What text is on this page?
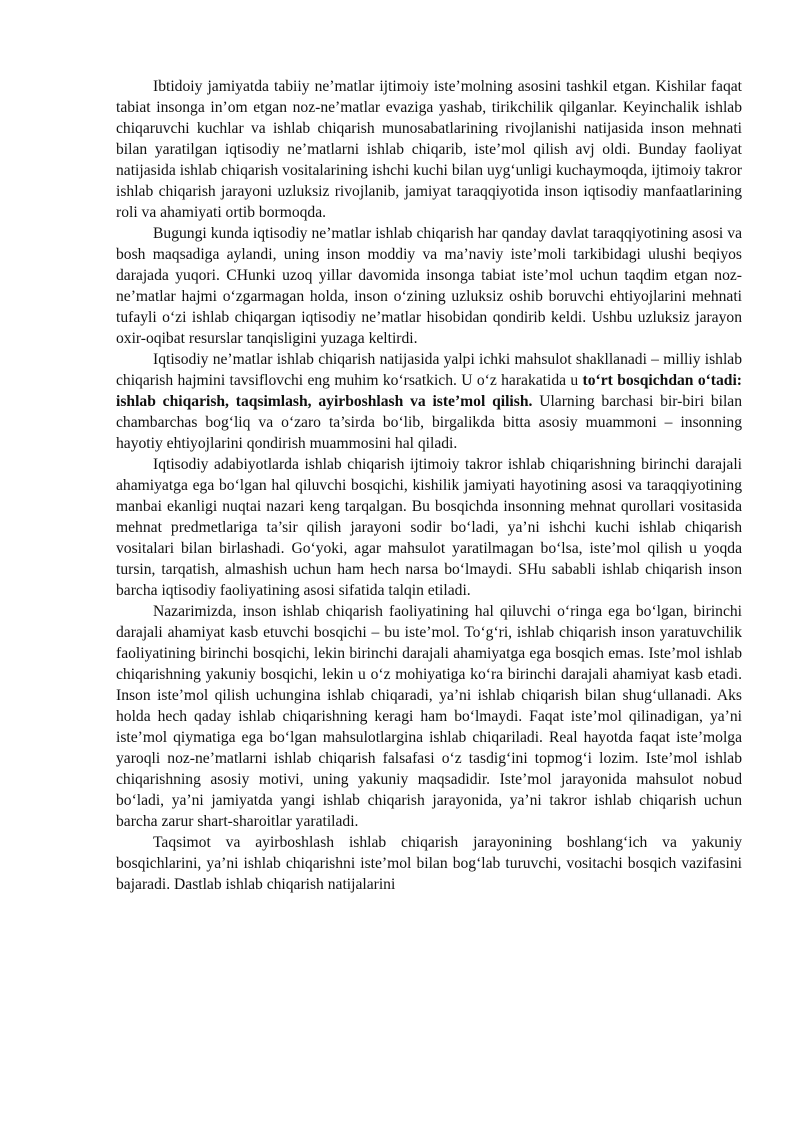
Ibtidoiy jamiyatda tabiiy ne’matlar ijtimoiy iste’molning asosini tashkil etgan. Kishilar faqat tabiat insonga in’om etgan noz-ne’matlar evaziga yashab, tirikchilik qilganlar. Keyinchalik ishlab chiqaruvchi kuchlar va ishlab chiqarish munosabatlarining rivojlanishi natijasida inson mehnati bilan yaratilgan iqtisodiy ne’matlarni ishlab chiqarib, iste’mol qilish avj oldi. Bunday faoliyat natijasida ishlab chiqarish vositalarining ishchi kuchi bilan uyg‘unligi kuchaymoqda, ijtimoiy takror ishlab chiqarish jarayoni uzluksiz rivojlanib, jamiyat taraqqiyotida inson iqtisodiy manfaatlarining roli va ahamiyati ortib bormoqda.

Bugungi kunda iqtisodiy ne’matlar ishlab chiqarish har qanday davlat taraqqiyotining asosi va bosh maqsadiga aylandi, uning inson moddiy va ma’naviy iste’moli tarkibidagi ulushi beqiyos darajada yuqori. CHunki uzoq yillar davomida insonga tabiat iste’mol uchun taqdim etgan noz-ne’matlar hajmi o‘zgarmagan holda, inson o‘zining uzluksiz oshib boruvchi ehtiyojlarini mehnati tufayli o‘zi ishlab chiqargan iqtisodiy ne’matlar hisobidan qondirib keldi. Ushbu uzluksiz jarayon oxir-oqibat resurslar tanqisligini yuzaga keltirdi.

Iqtisodiy ne’matlar ishlab chiqarish natijasida yalpi ichki mahsulot shakllanadi – milliy ishlab chiqarish hajmini tavsiflovchi eng muhim ko‘rsatkich. U o‘z harakatida u to‘rt bosqichdan o‘tadi: ishlab chiqarish, taqsimlash, ayirboshlash va iste’mol qilish. Ularning barchasi bir-biri bilan chambarchas bog‘liq va o‘zaro ta’sirda bo‘lib, birgalikda bitta asosiy muammoni – insonning hayotiy ehtiyojlarini qondirish muammosini hal qiladi.

Iqtisodiy adabiyotlarda ishlab chiqarish ijtimoiy takror ishlab chiqarishning birinchi darajali ahamiyatga ega bo‘lgan hal qiluvchi bosqichi, kishilik jamiyati hayotining asosi va taraqqiyotining manbai ekanligi nuqtai nazari keng tarqalgan. Bu bosqichda insonning mehnat qurollari vositasida mehnat predmetlariga ta’sir qilish jarayoni sodir bo‘ladi, ya’ni ishchi kuchi ishlab chiqarish vositalari bilan birlashadi. Go‘yoki, agar mahsulot yaratilmagan bo‘lsa, iste’mol qilish u yoqda tursin, tarqatish, almashish uchun ham hech narsa bo‘lmaydi. SHu sababli ishlab chiqarish inson barcha iqtisodiy faoliyatining asosi sifatida talqin etiladi.

Nazarimizda, inson ishlab chiqarish faoliyatining hal qiluvchi o‘ringa ega bo‘lgan, birinchi darajali ahamiyat kasb etuvchi bosqichi – bu iste’mol. To‘g‘ri, ishlab chiqarish inson yaratuvchilik faoliyatining birinchi bosqichi, lekin birinchi darajali ahamiyatga ega bosqich emas. Iste’mol ishlab chiqarishning yakuniy bosqichi, lekin u o‘z mohiyatiga ko‘ra birinchi darajali ahamiyat kasb etadi. Inson iste’mol qilish uchungina ishlab chiqaradi, ya’ni ishlab chiqarish bilan shug‘ullanadi. Aks holda hech qaday ishlab chiqarishning keragi ham bo‘lmaydi. Faqat iste’mol qilinadigan, ya’ni iste’mol qiymatiga ega bo‘lgan mahsulotlargina ishlab chiqariladi. Real hayotda faqat iste’molga yaroqli noz-ne’matlarni ishlab chiqarish falsafasi o‘z tasdig‘ini topmog‘i lozim. Iste’mol ishlab chiqarishning asosiy motivi, uning yakuniy maqsadidir. Iste’mol jarayonida mahsulot nobud bo‘ladi, ya’ni jamiyatda yangi ishlab chiqarish jarayonida, ya’ni takror ishlab chiqarish uchun barcha zarur shart-sharoitlar yaratiladi.

Taqsimot va ayirboshlash ishlab chiqarish jarayonining boshlang‘ich va yakuniy bosqichlarini, ya’ni ishlab chiqarishni iste’mol bilan bog‘lab turuvchi, vositachi bosqich vazifasini bajaradi. Dastlab ishlab chiqarish natijalarini
